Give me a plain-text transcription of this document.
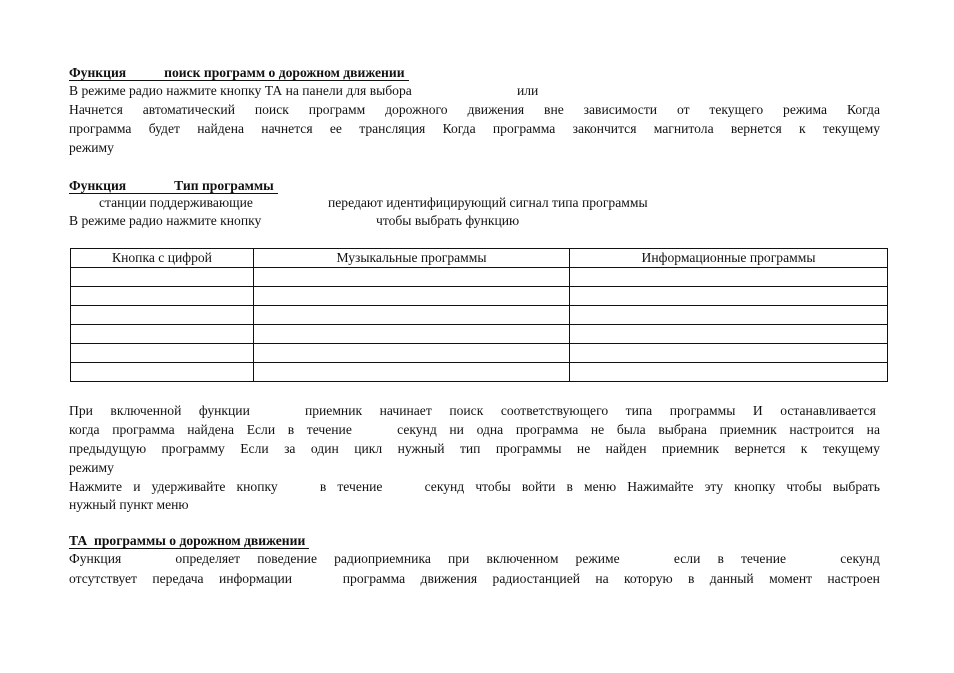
Функция	поиск программ о дорожном движении
В режиме радио нажмите кнопку ТА на панели для выбора	или
Начнется автоматический поиск программ дорожного движения вне зависимости от текущего режима Когда
программа будет найдена начнется ее трансляция Когда программа закончится магнитола вернется к текущему
режиму
Функция	Тип программы
станции поддерживающие	передают идентифицирующий сигнал типа программы
В режиме радио нажмите кнопку	чтобы выбрать функцию
Кнопка с цифрой	Музыкальные программы	Информационные программы

При включенной функции	приемник начинает поиск соответствующего типа программы И останавливается
когда программа найдена Если в течение	секунд ни одна программа не была выбрана приемник настроится на
предыдущую программу Если за один цикл нужный тип программы не найден приемник вернется к текущему
режиму
Нажмите и удерживайте кнопку	в течение	секунд чтобы войти в меню Нажимайте эту кнопку чтобы выбрать
нужный пункт меню
ТА  программы о дорожном движении
Функция	определяет поведение радиоприемника при включенном режиме	если в течение	секунд
отсутствует передача информации	программа движения радиостанцией на которую в данный момент настроен
